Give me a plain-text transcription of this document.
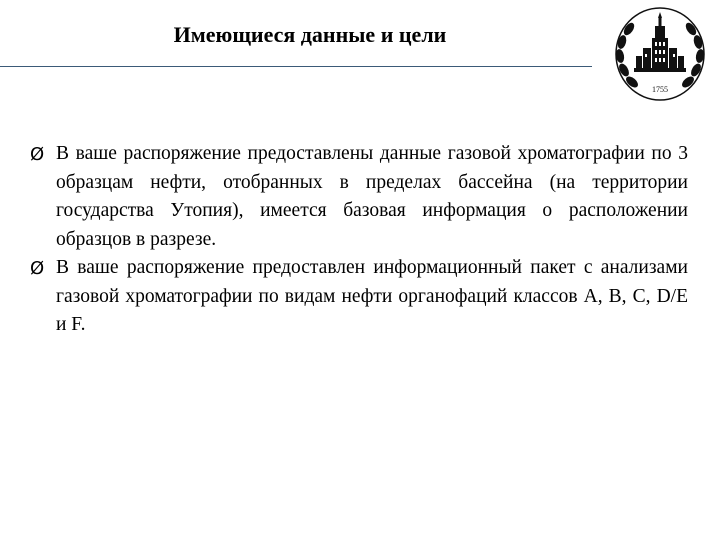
Имеющиеся данные и цели
1755
Ø В ваше распоряжение предоставлены данные газовой хроматографии по 3 образцам нефти, отобранных в пределах бассейна (на территории государства Утопия), имеется базовая информация о расположении образцов в разрезе.
Ø В ваше распоряжение предоставлен информационный пакет с анализами газовой хроматографии по видам нефти органофаций классов A, B, C, D/E и F.
